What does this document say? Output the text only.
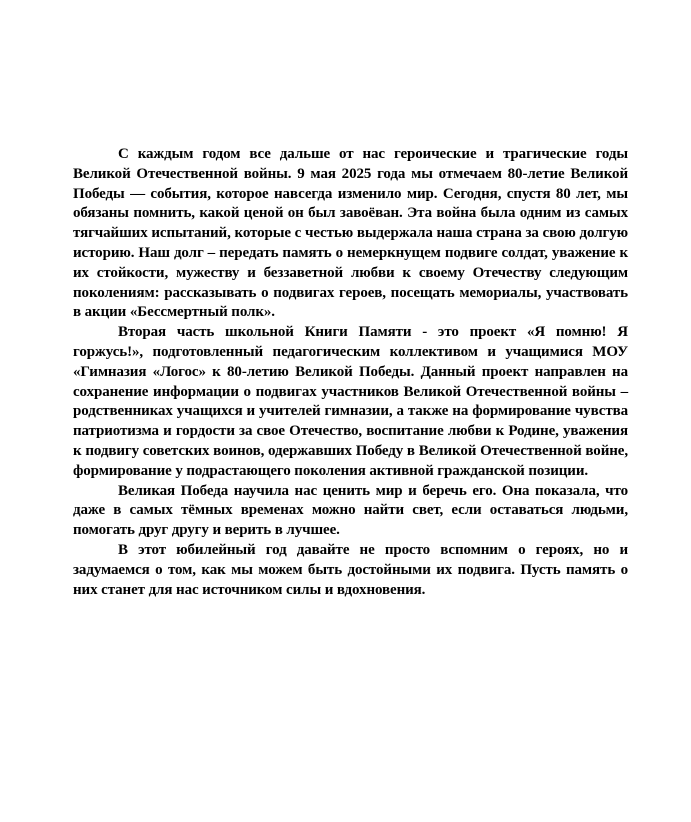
С каждым годом все дальше от нас героические и трагические годы Великой Отечественной войны. 9 мая 2025 года мы отмечаем 80-летие Великой Победы — события, которое навсегда изменило мир. Сегодня, спустя 80 лет, мы обязаны помнить, какой ценой он был завоёван. Эта война была одним из самых тягчайших испытаний, которые с честью выдержала наша страна за свою долгую историю. Наш долг – передать память о немеркнущем подвиге солдат, уважение к их стойкости, мужеству и беззаветной любви к своему Отечеству следующим поколениям: рассказывать о подвигах героев, посещать мемориалы, участвовать в акции «Бессмертный полк».

Вторая часть школьной Книги Памяти - это проект «Я помню! Я горжусь!», подготовленный педагогическим коллективом и учащимися МОУ «Гимназия «Логос» к 80-летию Великой Победы. Данный проект направлен на сохранение информации о подвигах участников Великой Отечественной войны – родственниках учащихся и учителей гимназии, а также на формирование чувства патриотизма и гордости за свое Отечество, воспитание любви к Родине, уважения к подвигу советских воинов, одержавших Победу в Великой Отечественной войне, формирование у подрастающего поколения активной гражданской позиции.

Великая Победа научила нас ценить мир и беречь его. Она показала, что даже в самых тёмных временах можно найти свет, если оставаться людьми, помогать друг другу и верить в лучшее.

В этот юбилейный год давайте не просто вспомним о героях, но и задумаемся о том, как мы можем быть достойными их подвига. Пусть память о них станет для нас источником силы и вдохновения.
